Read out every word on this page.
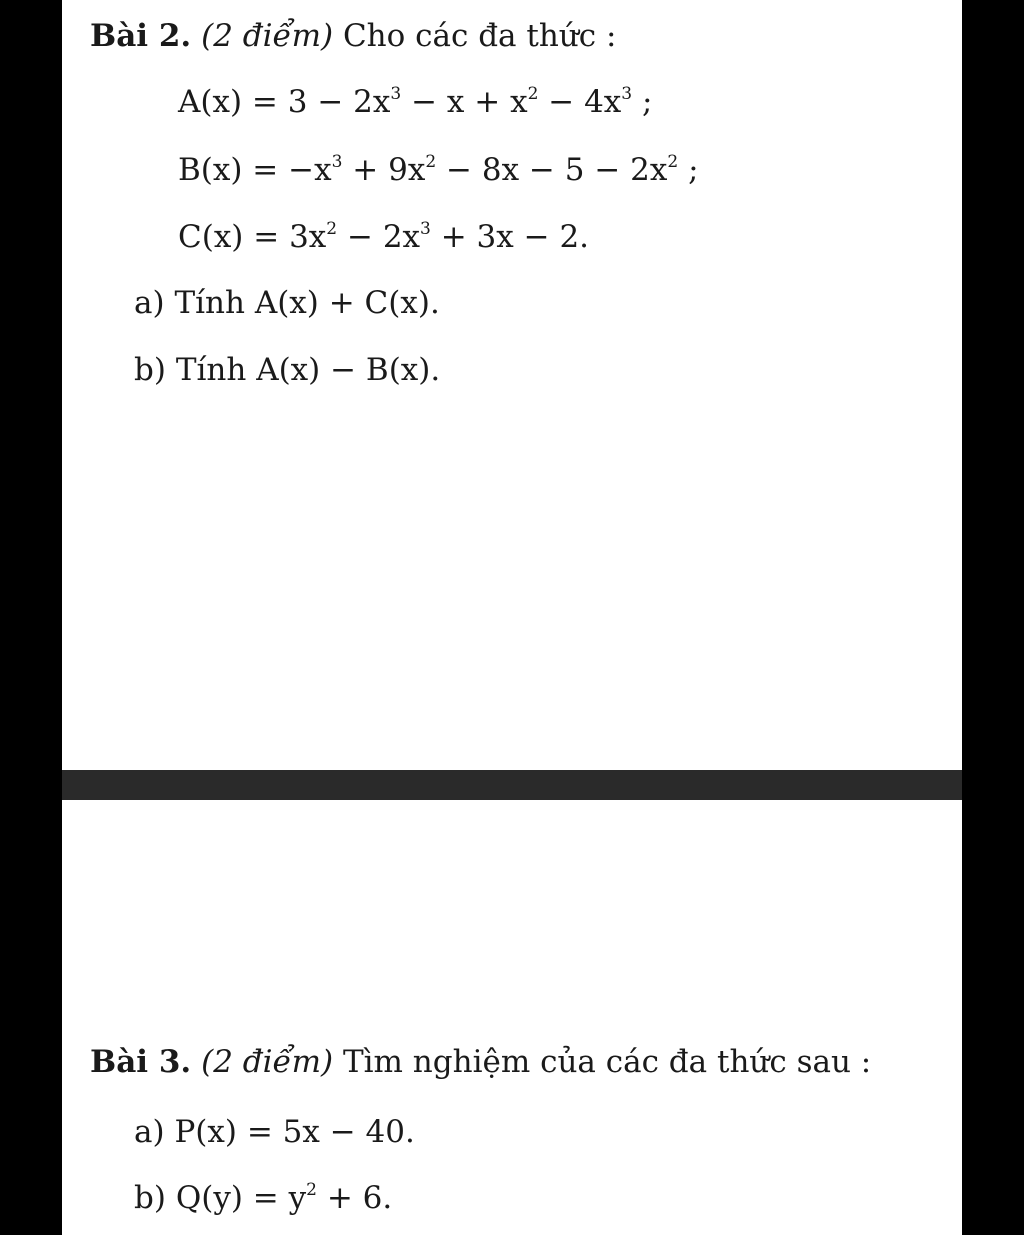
Bài 2. (2 điểm) Cho các đa thức :
$A(x) = 3 - 2x^3 - x + x^2 - 4x^3$ ;
$B(x) = -x^3 + 9x^2 - 8x - 5 - 2x^2$ ;
$C(x) = 3x^2 - 2x^3 + 3x - 2$.
a) Tính A(x) + C(x).
b) Tính A(x) − B(x).
Bài 3. (2 điểm) Tìm nghiệm của các đa thức sau :
a) P(x) = 5x − 40.
b) $Q(y) = y^2 + 6$.
